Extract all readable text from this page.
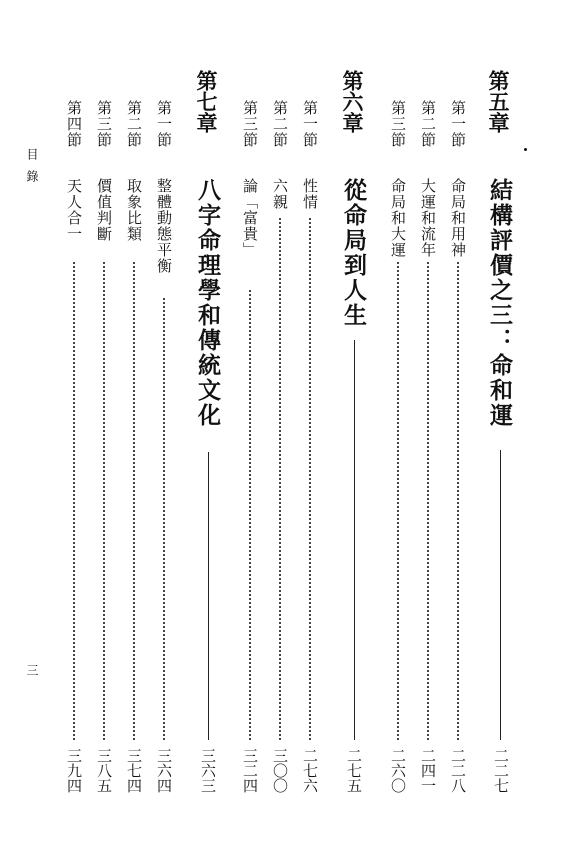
第五章
結構評價之三：命和運
二二七
第一節
命局和用神
二二八
第二節
大運和流年
二四一
第三節
命局和大運
二六〇
第六章
從命局到人生
二七五
第一節
性情
二七六
第二節
六親
三〇〇
第三節
論「富貴」
三二四
第七章
八字命理學和傳統文化
三六三
第一節
整體動態平衡
三六四
第二節
取象比類
三七四
第三節
價值判斷
三八五
第四節
天人合一
三九四
目錄
三
